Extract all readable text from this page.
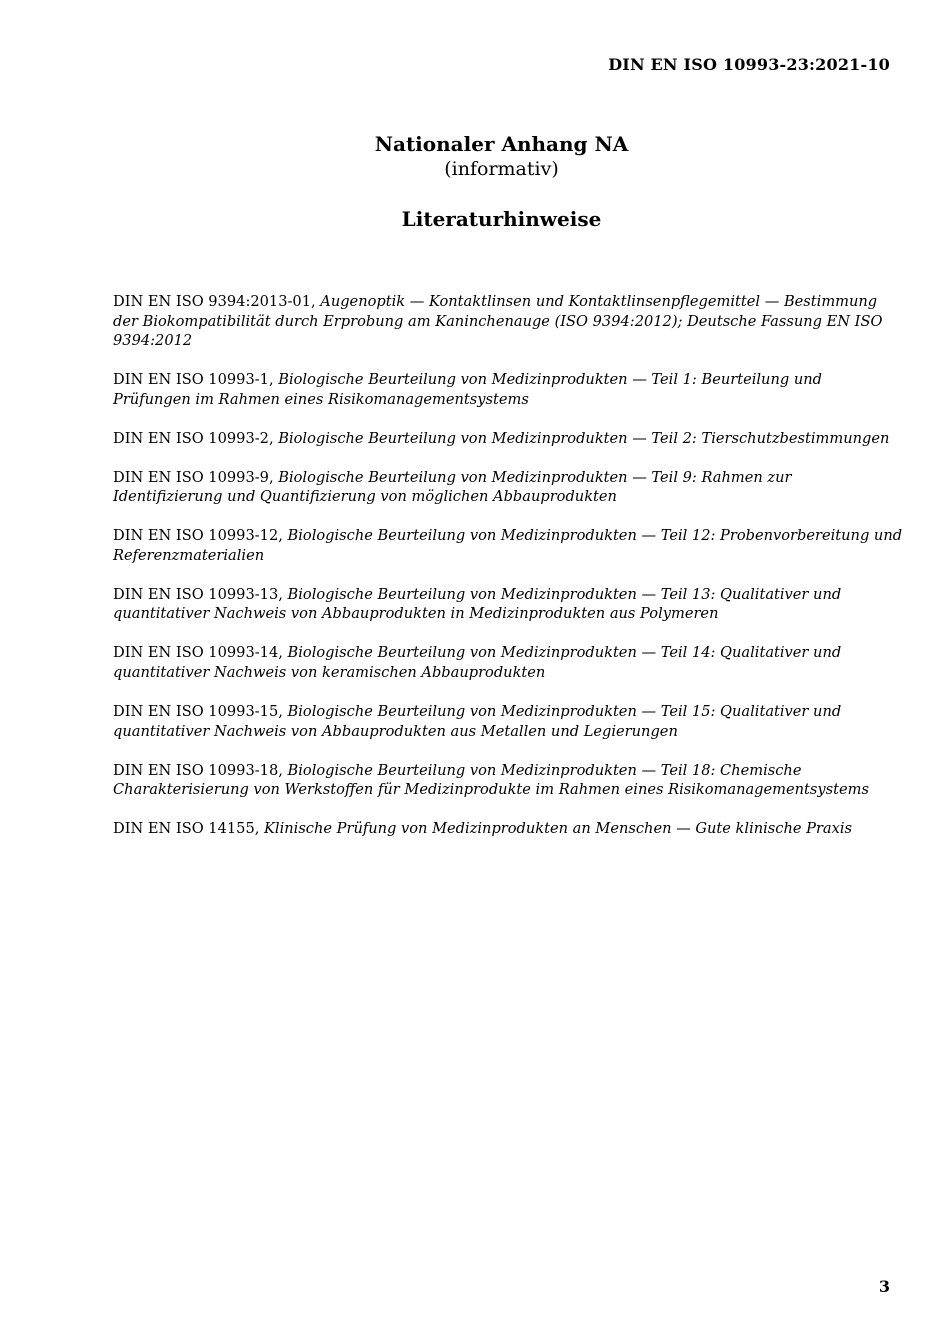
DIN EN ISO 10993-23:2021-10
Nationaler Anhang NA
(informativ)
Literaturhinweise
DIN EN ISO 9394:2013-01, Augenoptik — Kontaktlinsen und Kontaktlinsenpflegemittel — Bestimmung der Biokompatibilität durch Erprobung am Kaninchenauge (ISO 9394:2012); Deutsche Fassung EN ISO 9394:2012
DIN EN ISO 10993-1, Biologische Beurteilung von Medizinprodukten — Teil 1: Beurteilung und Prüfungen im Rahmen eines Risikomanagementsystems
DIN EN ISO 10993-2, Biologische Beurteilung von Medizinprodukten — Teil 2: Tierschutzbestimmungen
DIN EN ISO 10993-9, Biologische Beurteilung von Medizinprodukten — Teil 9: Rahmen zur Identifizierung und Quantifizierung von möglichen Abbauprodukten
DIN EN ISO 10993-12, Biologische Beurteilung von Medizinprodukten — Teil 12: Probenvorbereitung und Referenzmaterialien
DIN EN ISO 10993-13, Biologische Beurteilung von Medizinprodukten — Teil 13: Qualitativer und quantitativer Nachweis von Abbauprodukten in Medizinprodukten aus Polymeren
DIN EN ISO 10993-14, Biologische Beurteilung von Medizinprodukten — Teil 14: Qualitativer und quantitativer Nachweis von keramischen Abbauprodukten
DIN EN ISO 10993-15, Biologische Beurteilung von Medizinprodukten — Teil 15: Qualitativer und quantitativer Nachweis von Abbauprodukten aus Metallen und Legierungen
DIN EN ISO 10993-18, Biologische Beurteilung von Medizinprodukten — Teil 18: Chemische Charakterisierung von Werkstoffen für Medizinprodukte im Rahmen eines Risikomanagementsystems
DIN EN ISO 14155, Klinische Prüfung von Medizinprodukten an Menschen — Gute klinische Praxis
3
